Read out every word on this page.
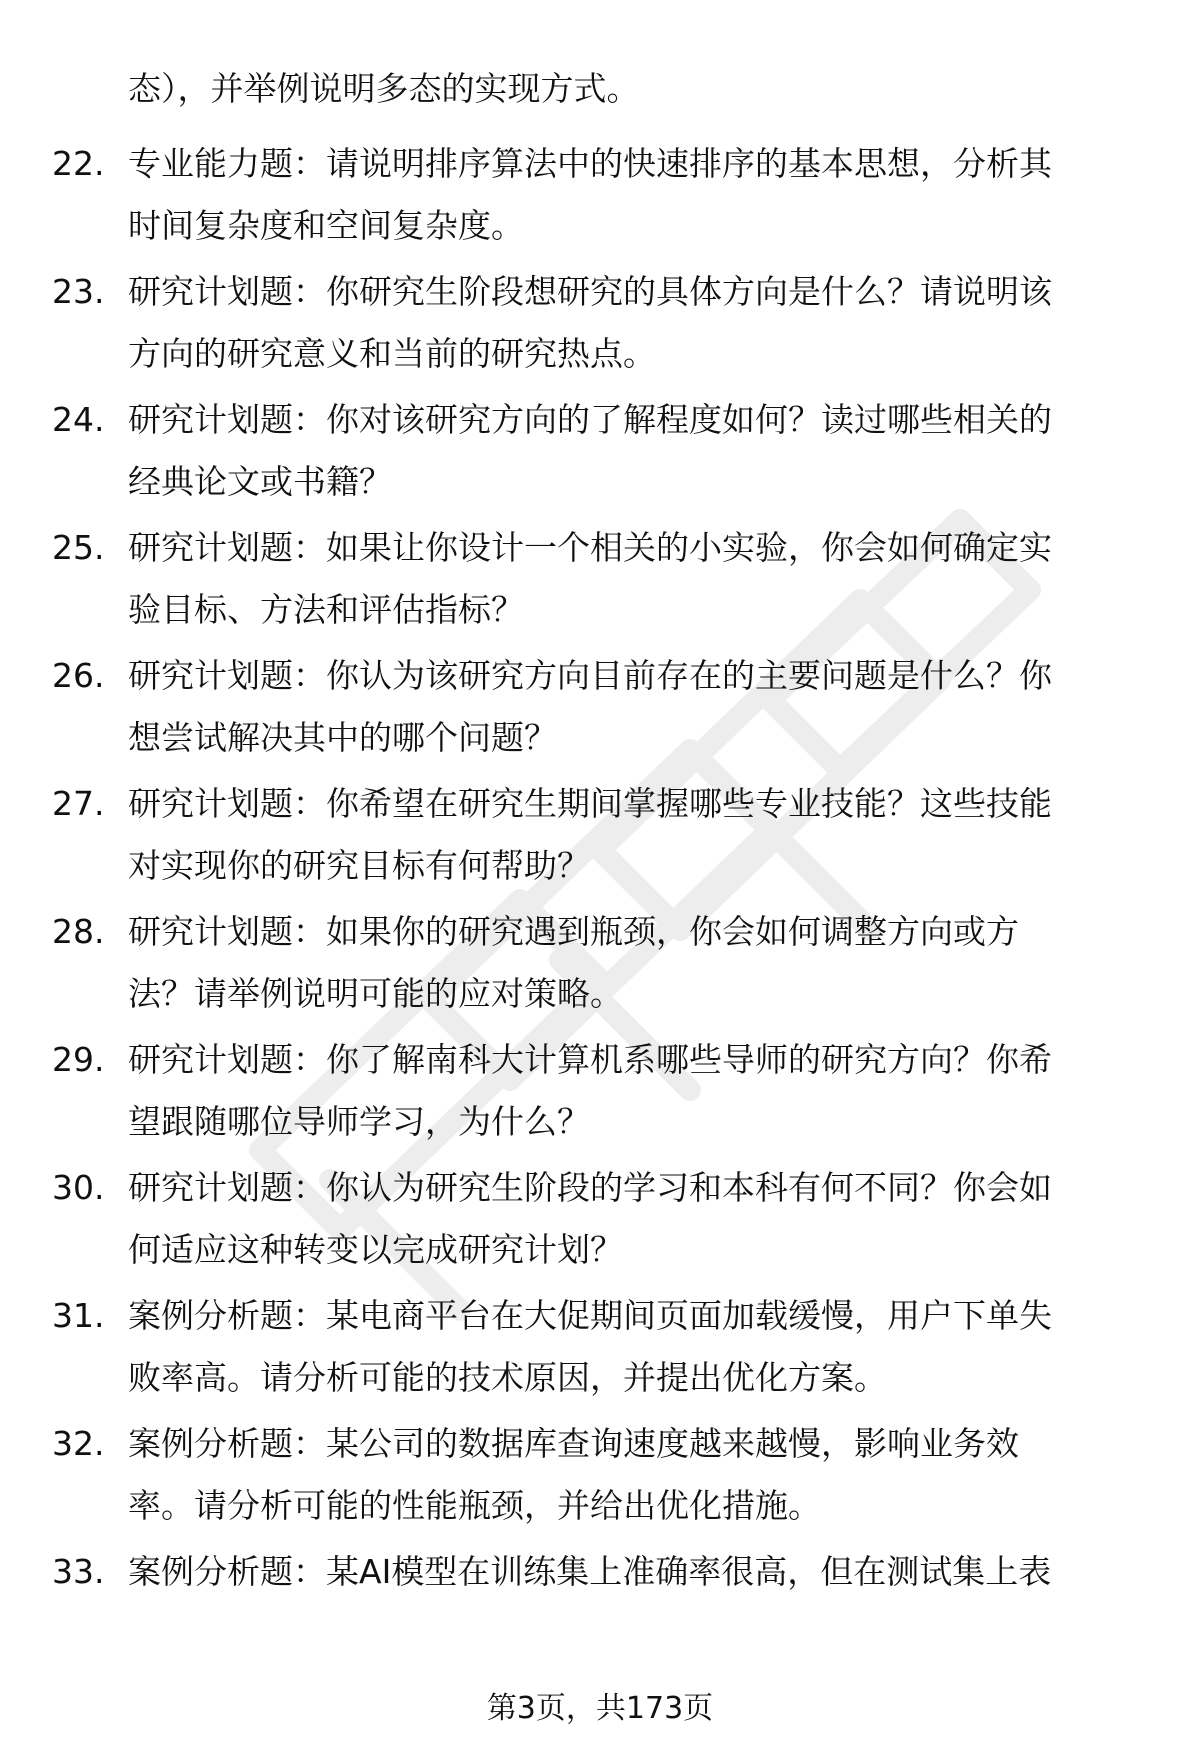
态），并举例说明多态的实现方式。
22. 专业能力题：请说明排序算法中的快速排序的基本思想，分析其
时间复杂度和空间复杂度。
23. 研究计划题：你研究生阶段想研究的具体方向是什么？请说明该
方向的研究意义和当前的研究热点。
24. 研究计划题：你对该研究方向的了解程度如何？读过哪些相关的
经典论文或书籍？
25. 研究计划题：如果让你设计一个相关的小实验，你会如何确定实
验目标、方法和评估指标？
26. 研究计划题：你认为该研究方向目前存在的主要问题是什么？你
想尝试解决其中的哪个问题？
27. 研究计划题：你希望在研究生期间掌握哪些专业技能？这些技能
对实现你的研究目标有何帮助？
28. 研究计划题：如果你的研究遇到瓶颈，你会如何调整方向或方
法？请举例说明可能的应对策略。
29. 研究计划题：你了解南科大计算机系哪些导师的研究方向？你希
望跟随哪位导师学习，为什么？
30. 研究计划题：你认为研究生阶段的学习和本科有何不同？你会如
何适应这种转变以完成研究计划？
31. 案例分析题：某电商平台在大促期间页面加载缓慢，用户下单失
败率高。请分析可能的技术原因，并提出优化方案。
32. 案例分析题：某公司的数据库查询速度越来越慢，影响业务效
率。请分析可能的性能瓶颈，并给出优化措施。
33. 案例分析题：某AI模型在训练集上准确率很高，但在测试集上表
第3页，共173页
